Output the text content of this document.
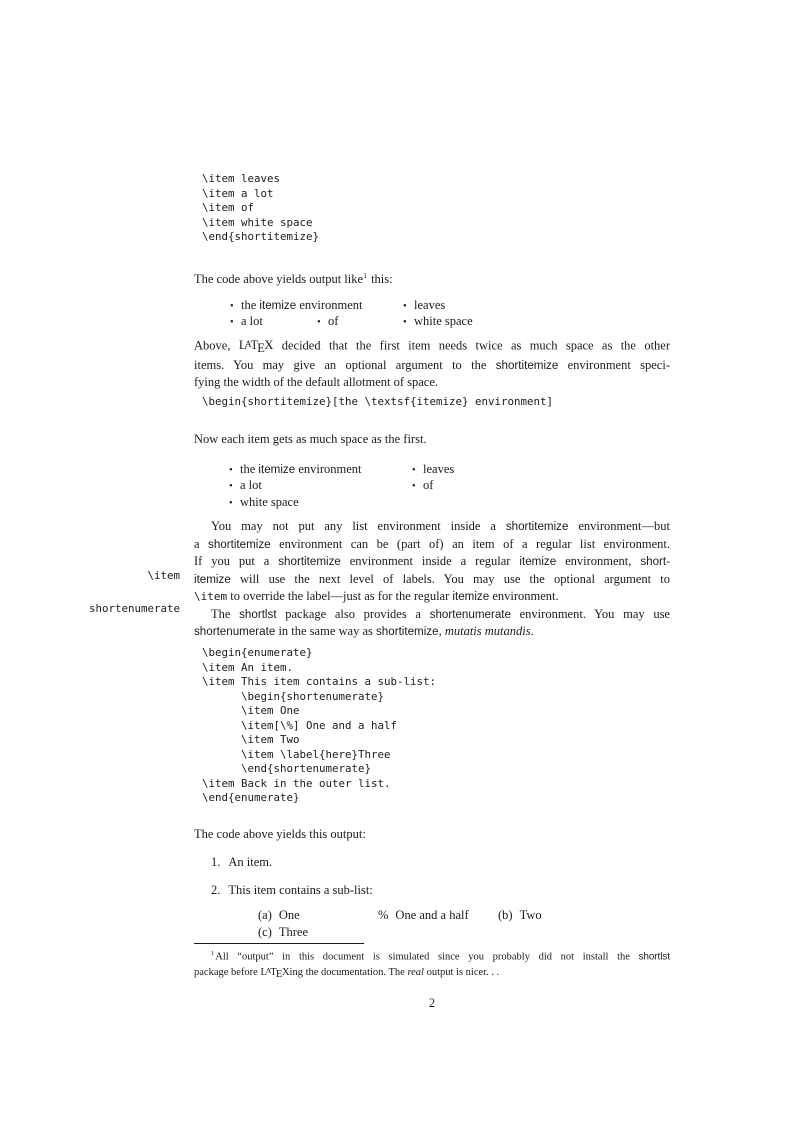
\item leaves
\item a lot
\item of
\item white space
\end{shortitemize}
The code above yields output like$^1$ this:
• the itemize environment	• leaves
• a lot	• of	• white space
Above, LATEX decided that the first item needs twice as much space as the other
items. You may give an optional argument to the shortitemize environment speci-
fying the width of the default allotment of space.
\begin{shortitemize}[the \textsf{itemize} environment]
Now each item gets as much space as the first.
• the itemize environment	• leaves
• a lot	• of
• white space
You may not put any list environment inside a shortitemize environment—but
a shortitemize environment can be (part of) an item of a regular list environment.
If you put a shortitemize environment inside a regular itemize environment, short-
itemize will use the next level of labels. You may use the optional argument to
\item to override the label—just as for the regular itemize environment.
The shortlst package also provides a shortenumerate environment. You may use
shortenumerate in the same way as shortitemize, mutatis mutandis.
\item
shortenumerate
\begin{enumerate}
\item An item.
\item This item contains a sub-list:
\begin{shortenumerate}
\item One
\item[\%] One and a half
\item Two
\item \label{here}Three
\end{shortenumerate}
\item Back in the outer list.
\end{enumerate}
The code above yields this output:
1. An item.
2. This item contains a sub-list:
(a) One	% One and a half (b) Two
(c) Three
$^1$All “output” in this document is simulated since you probably did not install the shortlst
package before LATEXing the documentation. The real output is nicer. . .
2
